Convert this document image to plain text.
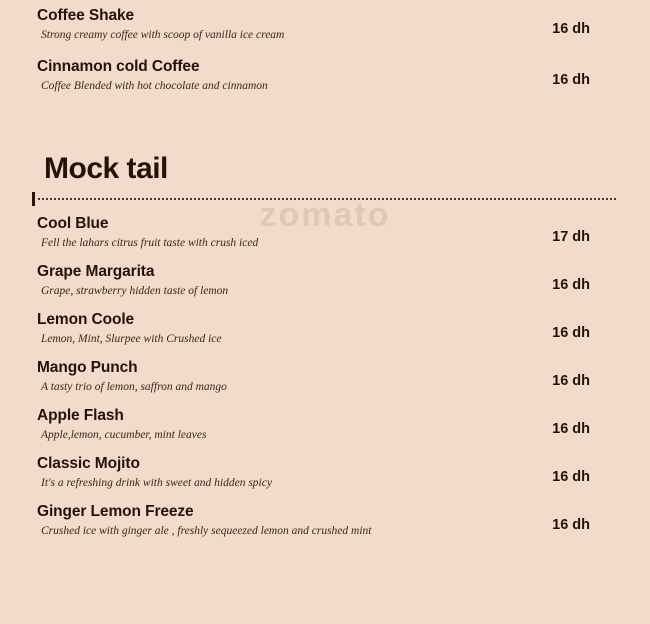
zomato
Coffee Shake
Strong creamy coffee with scoop of vanilla ice cream	16 dh
Cinnamon cold Coffee
Coffee Blended with hot chocolate and cinnamon	16 dh
Mock tail
Cool Blue
Fell the lahars citrus fruit taste with crush iced	17 dh
Grape Margarita
Grape, strawberry hidden taste of lemon	16 dh
Lemon Coole
Lemon, Mint, Slurpee with Crushed ice	16 dh
Mango Punch
A tasty trio of lemon, saffron and mango	16 dh
Apple Flash
Apple,lemon, cucumber, mint leaves	16 dh
Classic Mojito
It's a refreshing drink with sweet and hidden spicy	16 dh
Ginger Lemon Freeze
Crushed ice with ginger ale , freshly sequeezed lemon and crushed mint	16 dh
